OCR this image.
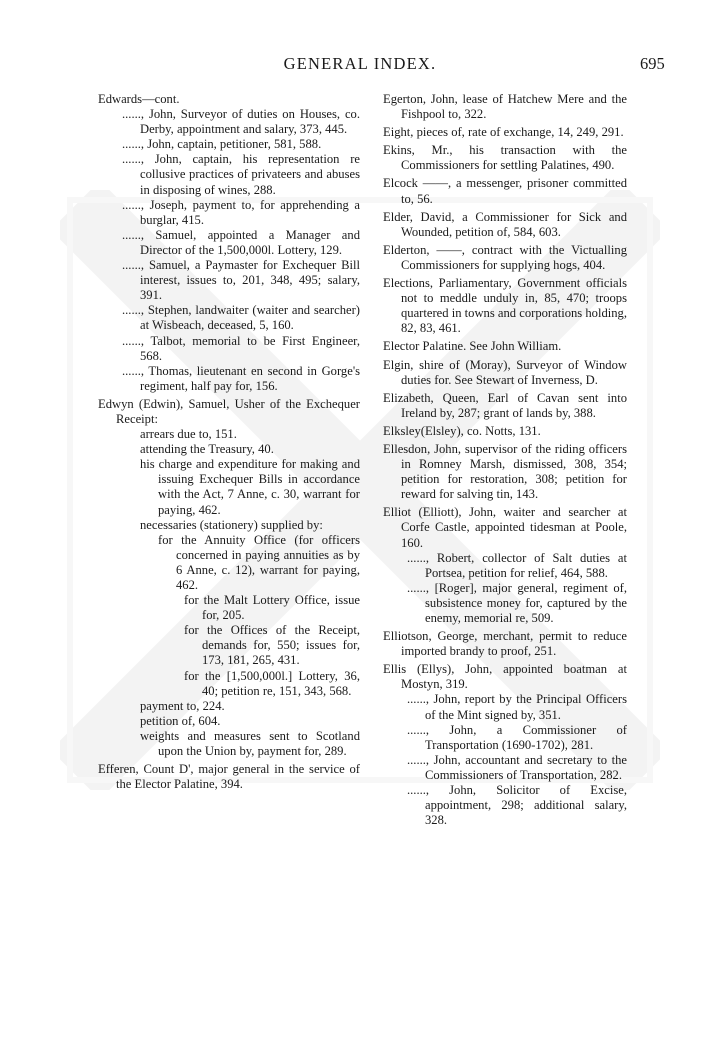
GENERAL INDEX.	695
Edwards—cont.
......, John, Surveyor of duties on Houses, co. Derby, appointment and salary, 373, 445.
......, John, captain, petitioner, 581, 588.
......, John, captain, his representation re collusive practices of privateers and abuses in disposing of wines, 288.
......, Joseph, payment to, for apprehending a burglar, 415.
......, Samuel, appointed a Manager and Director of the 1,500,000l. Lottery, 129.
......, Samuel, a Paymaster for Exchequer Bill interest, issues to, 201, 348, 495; salary, 391.
......, Stephen, landwaiter (waiter and searcher) at Wisbeach, deceased, 5, 160.
......, Talbot, memorial to be First Engineer, 568.
......, Thomas, lieutenant en second in Gorge's regiment, half pay for, 156.
Edwyn (Edwin), Samuel, Usher of the Exchequer Receipt:
arrears due to, 151.
attending the Treasury, 40.
his charge and expenditure for making and issuing Exchequer Bills in accordance with the Act, 7 Anne, c. 30, warrant for paying, 462.
necessaries (stationery) supplied by:
for the Annuity Office (for officers concerned in paying annuities as by 6 Anne, c. 12), warrant for paying, 462.
for the Malt Lottery Office, issue for, 205.
for the Offices of the Receipt, demands for, 550; issues for, 173, 181, 265, 431.
for the [1,500,000l.] Lottery, 36, 40; petition re, 151, 343, 568.
payment to, 224.
petition of, 604.
weights and measures sent to Scotland upon the Union by, payment for, 289.
Efferen, Count D', major general in the service of the Elector Palatine, 394.
Egerton, John, lease of Hatchew Mere and the Fishpool to, 322.
Eight, pieces of, rate of exchange, 14, 249, 291.
Ekins, Mr., his transaction with the Commissioners for settling Palatines, 490.
Elcock ——, a messenger, prisoner committed to, 56.
Elder, David, a Commissioner for Sick and Wounded, petition of, 584, 603.
Elderton, ——, contract with the Victualling Commissioners for supplying hogs, 404.
Elections, Parliamentary, Government officials not to meddle unduly in, 85, 470; troops quartered in towns and corporations holding, 82, 83, 461.
Elector Palatine. See John William.
Elgin, shire of (Moray), Surveyor of Window duties for. See Stewart of Inverness, D.
Elizabeth, Queen, Earl of Cavan sent into Ireland by, 287; grant of lands by, 388.
Elksley(Elsley), co. Notts, 131.
Ellesdon, John, supervisor of the riding officers in Romney Marsh, dismissed, 308, 354; petition for restoration, 308; petition for reward for salving tin, 143.
Elliot (Elliott), John, waiter and searcher at Corfe Castle, appointed tidesman at Poole, 160.
......, Robert, collector of Salt duties at Portsea, petition for relief, 464, 588.
......, [Roger], major general, regiment of, subsistence money for, captured by the enemy, memorial re, 509.
Elliotson, George, merchant, permit to reduce imported brandy to proof, 251.
Ellis (Ellys), John, appointed boatman at Mostyn, 319.
......, John, report by the Principal Officers of the Mint signed by, 351.
......, John, a Commissioner of Transportation (1690-1702), 281.
......, John, accountant and secretary to the Commissioners of Transportation, 282.
......, John, Solicitor of Excise, appointment, 298; additional salary, 328.
